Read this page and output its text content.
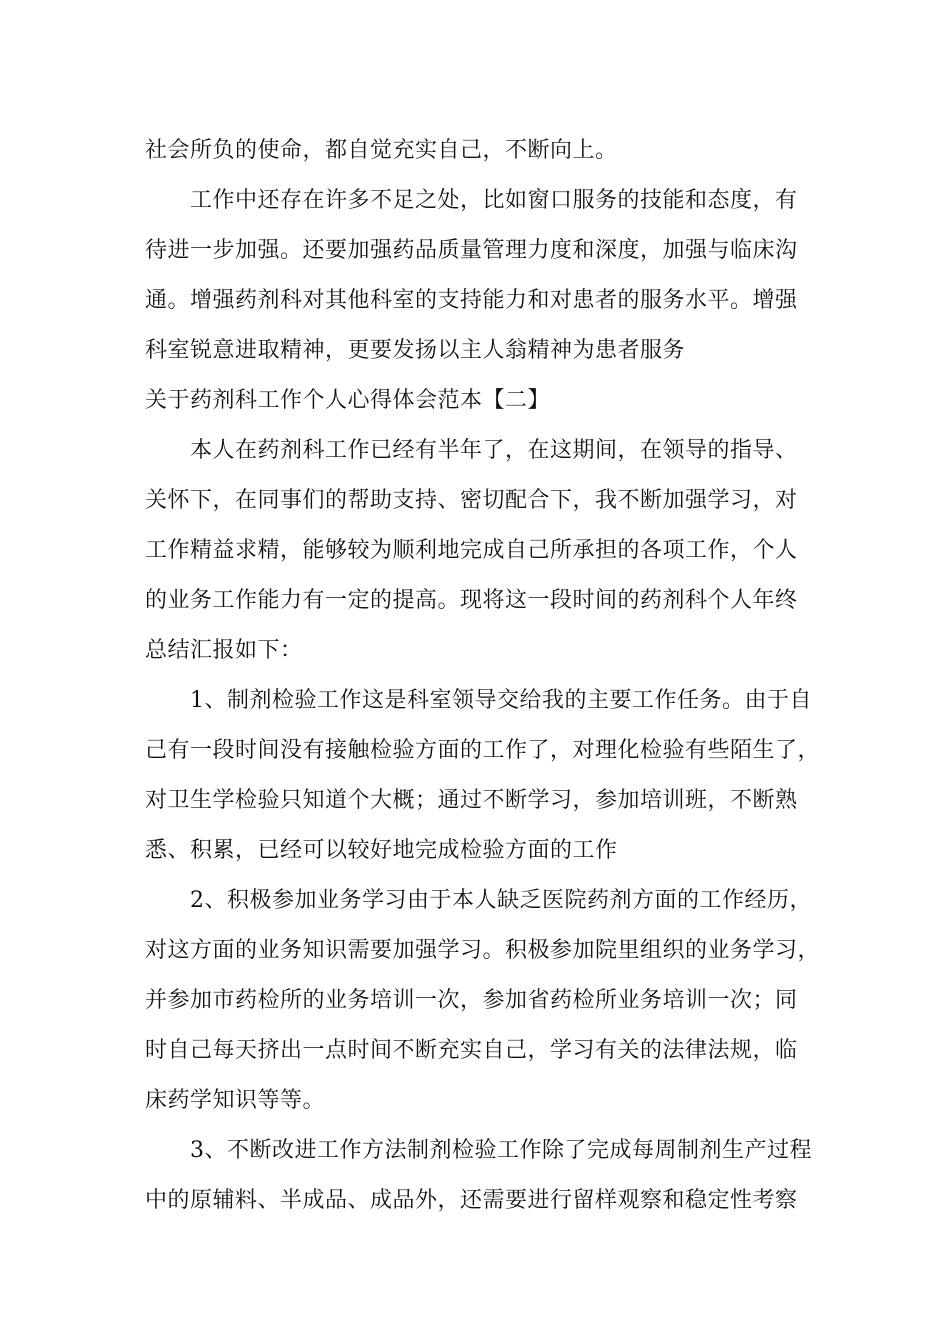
社会所负的使命，都自觉充实自己，不断向上。
工作中还存在许多不足之处，比如窗口服务的技能和态度，有
待进一步加强。还要加强药品质量管理力度和深度，加强与临床沟
通。增强药剂科对其他科室的支持能力和对患者的服务水平。增强
科室锐意进取精神，更要发扬以主人翁精神为患者服务
关于药剂科工作个人心得体会范本【二】
本人在药剂科工作已经有半年了，在这期间，在领导的指导、
关怀下，在同事们的帮助支持、密切配合下，我不断加强学习，对
工作精益求精，能够较为顺利地完成自己所承担的各项工作，个人
的业务工作能力有一定的提高。现将这一段时间的药剂科个人年终
总结汇报如下：
1、制剂检验工作这是科室领导交给我的主要工作任务。由于自
己有一段时间没有接触检验方面的工作了，对理化检验有些陌生了，
对卫生学检验只知道个大概；通过不断学习，参加培训班，不断熟
悉、积累，已经可以较好地完成检验方面的工作
2、积极参加业务学习由于本人缺乏医院药剂方面的工作经历，
对这方面的业务知识需要加强学习。积极参加院里组织的业务学习，
并参加市药检所的业务培训一次，参加省药检所业务培训一次；同
时自己每天挤出一点时间不断充实自己，学习有关的法律法规，临
床药学知识等等。
3、不断改进工作方法制剂检验工作除了完成每周制剂生产过程
中的原辅料、半成品、成品外，还需要进行留样观察和稳定性考察
